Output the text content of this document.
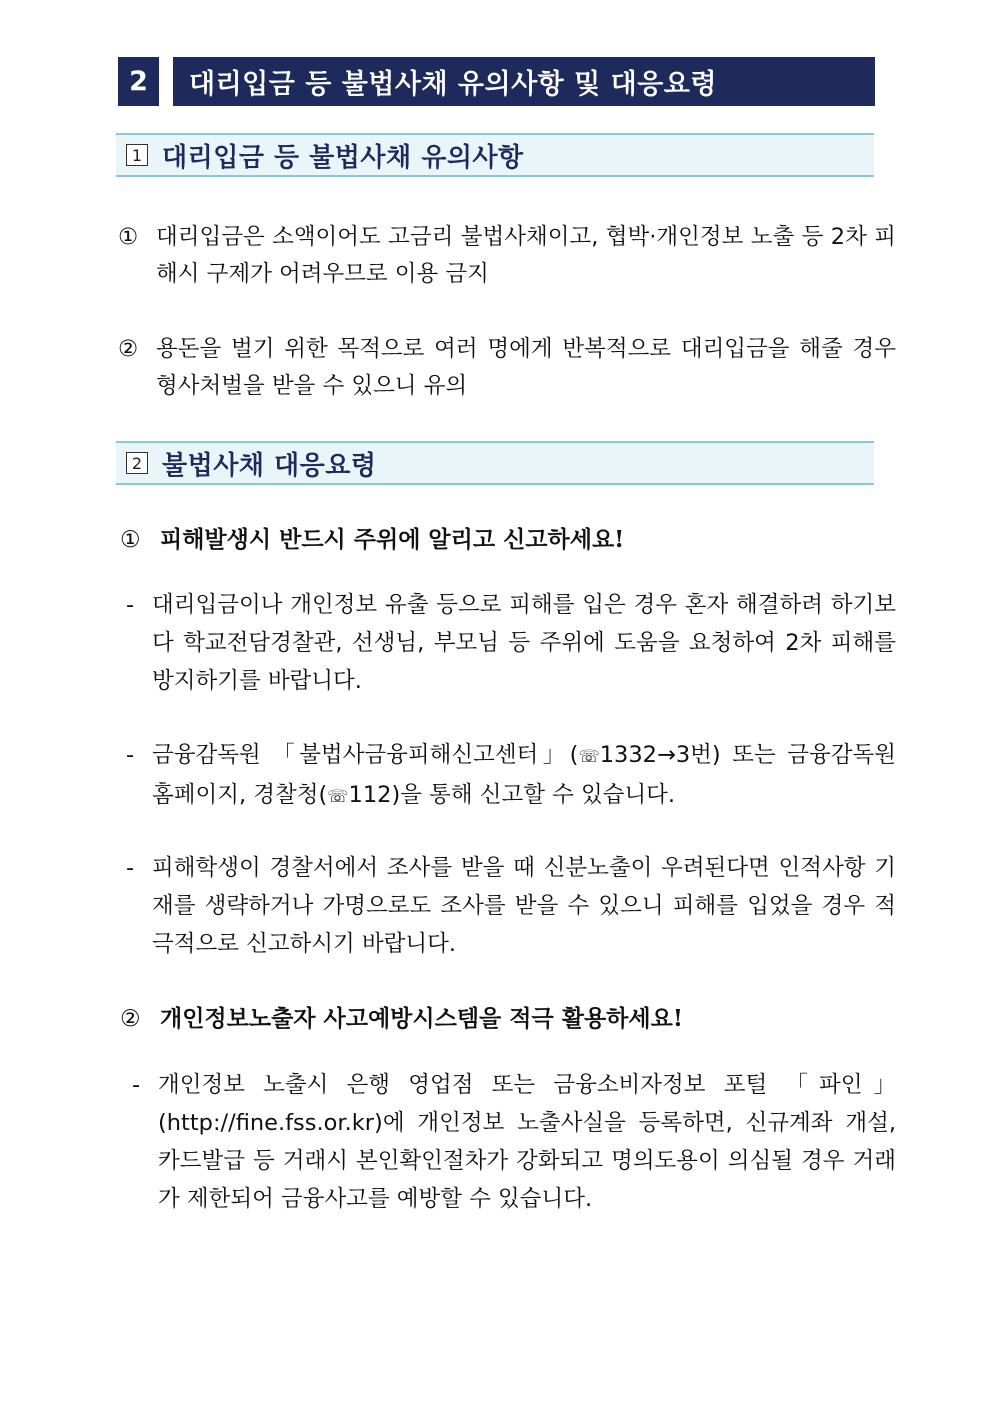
2	대리입금 등 불법사채 유의사항 및 대응요령
1 대리입금 등 불법사채 유의사항
① 대리입금은 소액이어도 고금리 불법사채이고, 협박·개인정보 노출 등 2차 피해시 구제가 어려우므로 이용 금지
② 용돈을 벌기 위한 목적으로 여러 명에게 반복적으로 대리입금을 해줄 경우 형사처벌을 받을 수 있으니 유의
2 불법사채 대응요령
① 피해발생시 반드시 주위에 알리고 신고하세요!
- 대리입금이나 개인정보 유출 등으로 피해를 입은 경우 혼자 해결하려 하기보다 학교전담경찰관, 선생님, 부모님 등 주위에 도움을 요청하여 2차 피해를 방지하기를 바랍니다.
- 금융감독원 「불법사금융피해신고센터」(☏1332→3번) 또는 금융감독원 홈페이지, 경찰청(☏112)을 통해 신고할 수 있습니다.
- 피해학생이 경찰서에서 조사를 받을 때 신분노출이 우려된다면 인적사항 기재를 생략하거나 가명으로도 조사를 받을 수 있으니 피해를 입었을 경우 적극적으로 신고하시기 바랍니다.
② 개인정보노출자 사고예방시스템을 적극 활용하세요!
- 개인정보 노출시 은행 영업점 또는 금융소비자정보 포털 「파인」(http://fine.fss.or.kr)에 개인정보 노출사실을 등록하면, 신규계좌 개설, 카드발급 등 거래시 본인확인절차가 강화되고 명의도용이 의심될 경우 거래가 제한되어 금융사고를 예방할 수 있습니다.
